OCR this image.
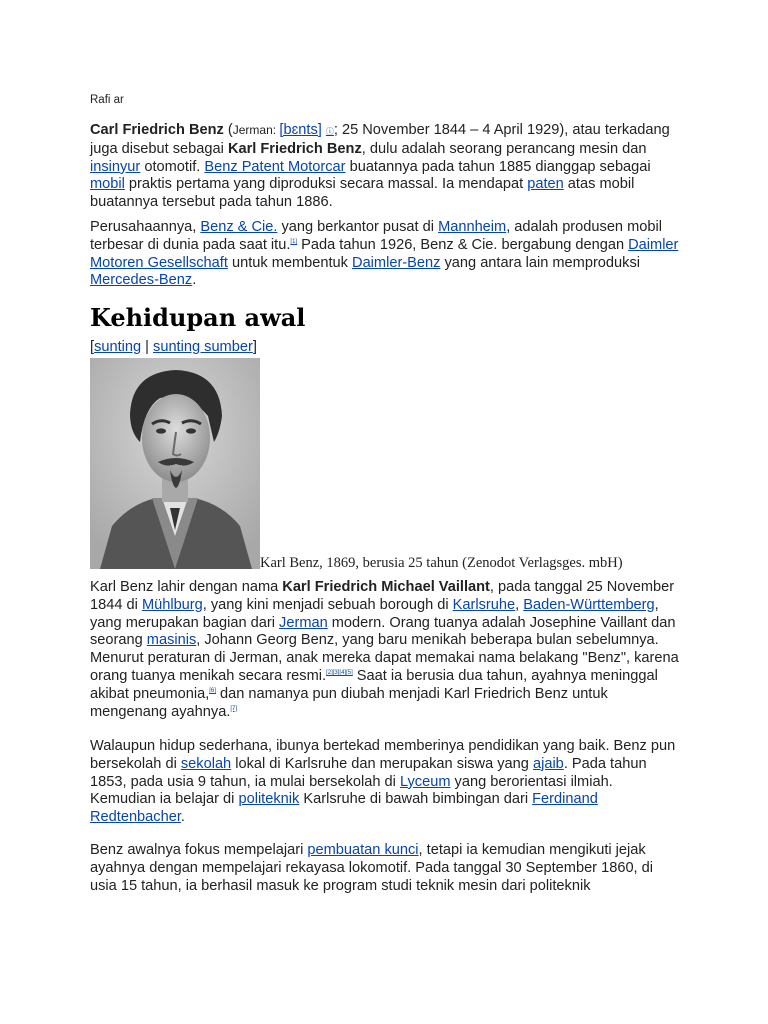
Rafi ar

Carl Friedrich Benz (Jerman: [bɛnts] ⓘ; 25 November 1844 – 4 April 1929), atau terkadang juga disebut sebagai Karl Friedrich Benz, dulu adalah seorang perancang mesin dan insinyur otomotif. Benz Patent Motorcar buatannya pada tahun 1885 dianggap sebagai mobil praktis pertama yang diproduksi secara massal. Ia mendapat paten atas mobil buatannya tersebut pada tahun 1886.

Perusahaannya, Benz & Cie. yang berkantor pusat di Mannheim, adalah produsen mobil terbesar di dunia pada saat itu.[1] Pada tahun 1926, Benz & Cie. bergabung dengan Daimler Motoren Gesellschaft untuk membentuk Daimler-Benz yang antara lain memproduksi Mercedes-Benz.

Kehidupan awal
[sunting | sunting sumber]
Karl Benz, 1869, berusia 25 tahun (Zenodot Verlagsges. mbH)

Karl Benz lahir dengan nama Karl Friedrich Michael Vaillant, pada tanggal 25 November 1844 di Mühlburg, yang kini menjadi sebuah borough di Karlsruhe, Baden-Württemberg, yang merupakan bagian dari Jerman modern. Orang tuanya adalah Josephine Vaillant dan seorang masinis, Johann Georg Benz, yang baru menikah beberapa bulan sebelumnya. Menurut peraturan di Jerman, anak mereka dapat memakai nama belakang "Benz", karena orang tuanya menikah secara resmi.[2][3][4][5] Saat ia berusia dua tahun, ayahnya meninggal akibat pneumonia,[6] dan namanya pun diubah menjadi Karl Friedrich Benz untuk mengenang ayahnya.[7]

Walaupun hidup sederhana, ibunya bertekad memberinya pendidikan yang baik. Benz pun bersekolah di sekolah lokal di Karlsruhe dan merupakan siswa yang ajaib. Pada tahun 1853, pada usia 9 tahun, ia mulai bersekolah di Lyceum yang berorientasi ilmiah. Kemudian ia belajar di politeknik Karlsruhe di bawah bimbingan dari Ferdinand Redtenbacher.

Benz awalnya fokus mempelajari pembuatan kunci, tetapi ia kemudian mengikuti jejak ayahnya dengan mempelajari rekayasa lokomotif. Pada tanggal 30 September 1860, di usia 15 tahun, ia berhasil masuk ke program studi teknik mesin dari politeknik
